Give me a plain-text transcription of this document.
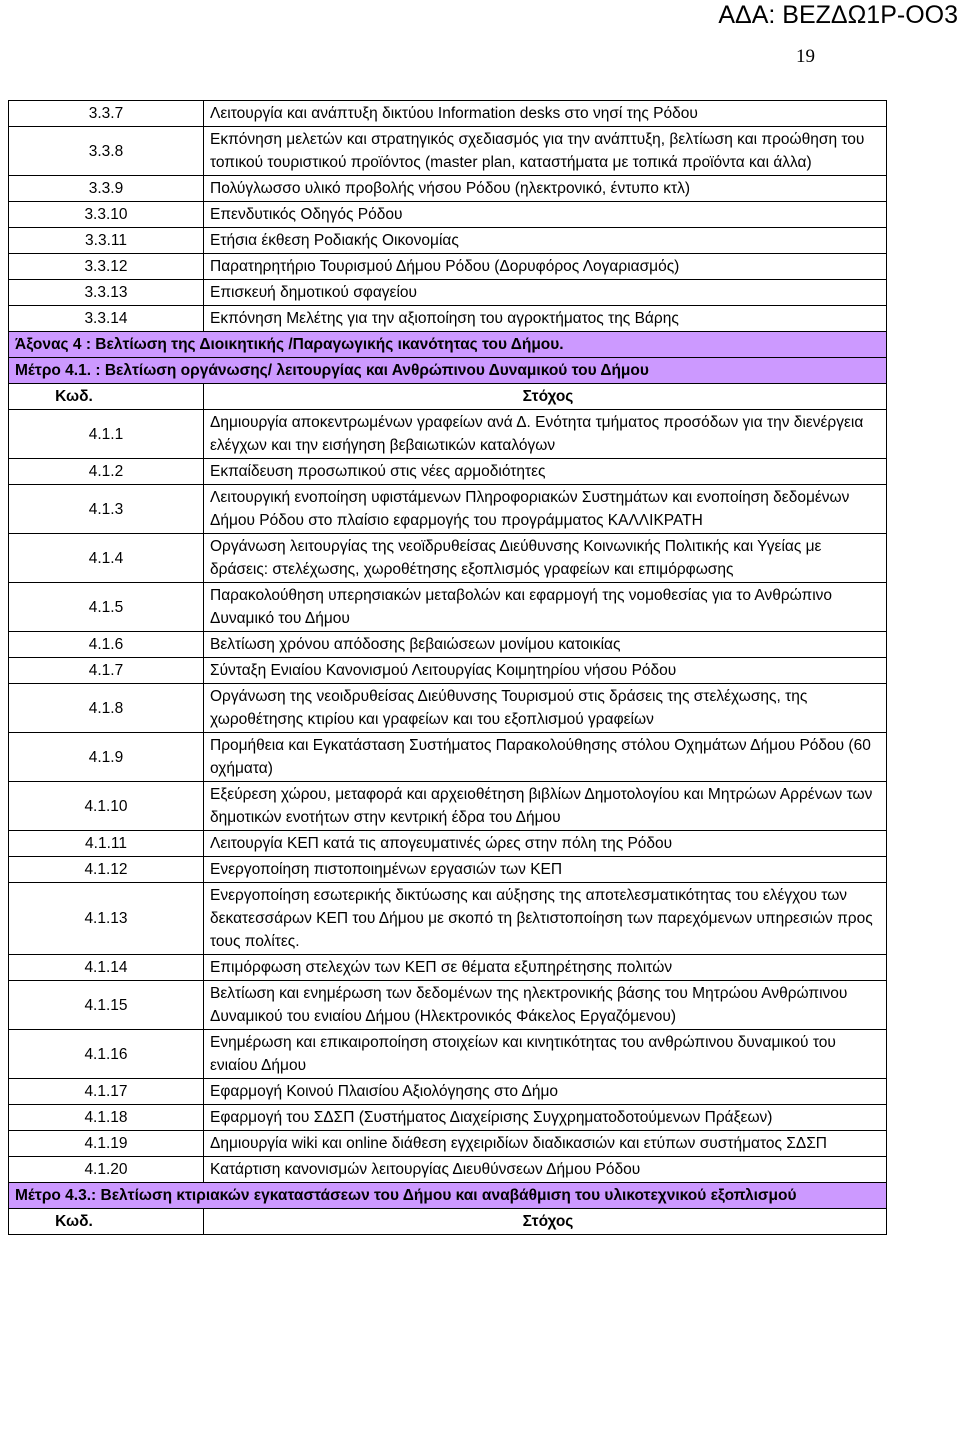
ΑΔΑ: ΒΕΖΔΩ1Ρ-ΟΟ3
19
3.3.7	Λειτουργία και ανάπτυξη δικτύου Information desks στο νησί της Ρόδου
3.3.8	Εκπόνηση μελετών και στρατηγικός σχεδιασμός για την ανάπτυξη, βελτίωση και προώθηση του τοπικού τουριστικού προϊόντος (master plan, καταστήματα με τοπικά προϊόντα και άλλα)
3.3.9	Πολύγλωσσο υλικό προβολής νήσου Ρόδου (ηλεκτρονικό, έντυπο κτλ)
3.3.10	Επενδυτικός Οδηγός Ρόδου
3.3.11	Ετήσια έκθεση Ροδιακής Οικονομίας
3.3.12	Παρατηρητήριο Τουρισμού Δήμου Ρόδου (Δορυφόρος Λογαριασμός)
3.3.13	Επισκευή δημοτικού σφαγείου
3.3.14	Εκπόνηση Μελέτης για την αξιοποίηση του αγροκτήματος της Βάρης
Άξονας 4 : Βελτίωση της Διοικητικής /Παραγωγικής ικανότητας του Δήμου.	
Μέτρο 4.1. : Βελτίωση οργάνωσης/ λειτουργίας και Ανθρώπινου Δυναμικού του Δήμου	
Κωδ.	Στόχος
4.1.1	Δημιουργία αποκεντρωμένων γραφείων ανά Δ. Ενότητα τμήματος προσόδων για την διενέργεια ελέγχων και την εισήγηση βεβαιωτικών καταλόγων
4.1.2	Εκπαίδευση προσωπικού στις νέες αρμοδιότητες
4.1.3	Λειτουργική ενοποίηση υφιστάμενων Πληροφοριακών Συστημάτων και ενοποίηση δεδομένων Δήμου Ρόδου στο πλαίσιο εφαρμογής του προγράμματος ΚΑΛΛΙΚΡΑΤΗ
4.1.4	Οργάνωση λειτουργίας της νεοϊδρυθείσας Διεύθυνσης Κοινωνικής Πολιτικής και Υγείας με δράσεις: στελέχωσης, χωροθέτησης εξοπλισμός γραφείων και επιμόρφωσης
4.1.5	Παρακολούθηση υπερησιακών μεταβολών και εφαρμογή της νομοθεσίας για το Ανθρώπινο Δυναμικό του Δήμου
4.1.6	Βελτίωση χρόνου απόδοσης βεβαιώσεων μονίμου κατοικίας
4.1.7	Σύνταξη Ενιαίου Κανονισμού Λειτουργίας Κοιμητηρίου νήσου Ρόδου
4.1.8	Οργάνωση της νεοιδρυθείσας Διεύθυνσης Τουρισμού στις δράσεις της στελέχωσης, της χωροθέτησης κτιρίου και γραφείων και του εξοπλισμού γραφείων
4.1.9	Προμήθεια και Εγκατάσταση Συστήματος Παρακολούθησης στόλου Οχημάτων Δήμου Ρόδου (60 οχήματα)
4.1.10	Εξεύρεση χώρου, μεταφορά και αρχειοθέτηση βιβλίων Δημοτολογίου και Μητρώων Αρρένων των δημοτικών ενοτήτων στην κεντρική έδρα του Δήμου
4.1.11	Λειτουργία ΚΕΠ κατά τις απογευματινές ώρες στην πόλη της Ρόδου
4.1.12	Ενεργοποίηση πιστοποιημένων εργασιών των ΚΕΠ
4.1.13	Ενεργοποίηση εσωτερικής δικτύωσης και αύξησης της αποτελεσματικότητας του ελέγχου των δεκατεσσάρων ΚΕΠ του Δήμου με σκοπό τη βελτιστοποίηση των παρεχόμενων υπηρεσιών προς τους πολίτες.
4.1.14	Επιμόρφωση στελεχών των ΚΕΠ σε θέματα εξυπηρέτησης πολιτών
4.1.15	Βελτίωση και ενημέρωση των δεδομένων της ηλεκτρονικής βάσης του Μητρώου Ανθρώπινου Δυναμικού του ενιαίου Δήμου (Ηλεκτρονικός Φάκελος Εργαζόμενου)
4.1.16	Ενημέρωση και επικαιροποίηση στοιχείων και κινητικότητας του ανθρώπινου δυναμικού του ενιαίου Δήμου
4.1.17	Εφαρμογή Κοινού Πλαισίου Αξιολόγησης στο Δήμο
4.1.18	Εφαρμογή του ΣΔΣΠ (Συστήματος Διαχείρισης Συγχρηματοδοτούμενων Πράξεων)
4.1.19	Δημιουργία wiki και online διάθεση εγχειριδίων διαδικασιών και ετύπων συστήματος ΣΔΣΠ
4.1.20	Κατάρτιση κανονισμών λειτουργίας Διευθύνσεων Δήμου Ρόδου
Μέτρο 4.3.: Βελτίωση κτιριακών εγκαταστάσεων του Δήμου και αναβάθμιση του υλικοτεχνικού εξοπλισμού	
Κωδ.	Στόχος
